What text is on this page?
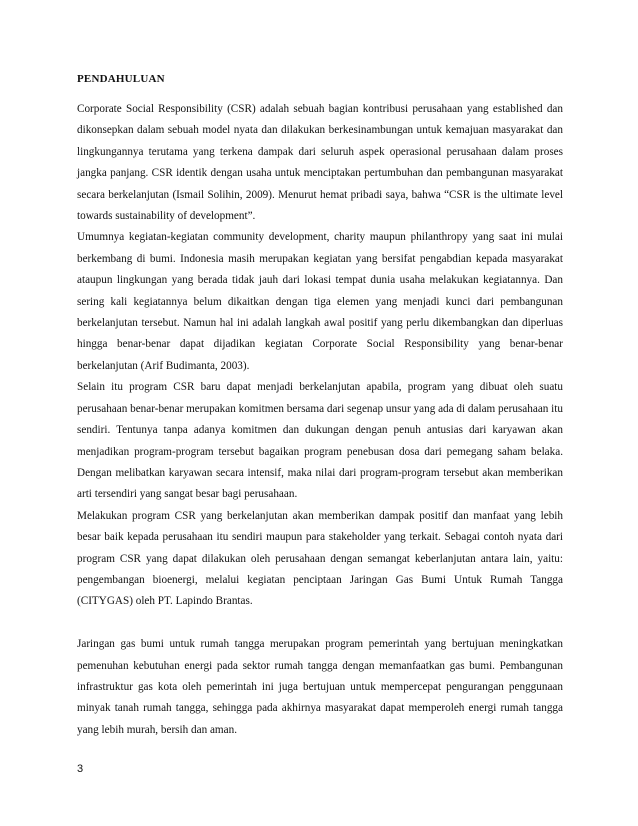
PENDAHULUAN

Corporate Social Responsibility (CSR) adalah sebuah bagian kontribusi perusahaan yang established dan dikonsepkan dalam sebuah model nyata dan dilakukan berkesinambungan untuk kemajuan masyarakat dan lingkungannya terutama yang terkena dampak dari seluruh aspek operasional perusahaan dalam proses jangka panjang. CSR identik dengan usaha untuk menciptakan pertumbuhan dan pembangunan masyarakat secara berkelanjutan (Ismail Solihin, 2009). Menurut hemat pribadi saya, bahwa “CSR is the ultimate level towards sustainability of development”.

Umumnya kegiatan-kegiatan community development, charity maupun philanthropy yang saat ini mulai berkembang di bumi. Indonesia masih merupakan kegiatan yang bersifat pengabdian kepada masyarakat ataupun lingkungan yang berada tidak jauh dari lokasi tempat dunia usaha melakukan kegiatannya. Dan sering kali kegiatannya belum dikaitkan dengan tiga elemen yang menjadi kunci dari pembangunan berkelanjutan tersebut. Namun hal ini adalah langkah awal positif yang perlu dikembangkan dan diperluas hingga benar-benar dapat dijadikan kegiatan Corporate Social Responsibility yang benar-benar berkelanjutan (Arif Budimanta, 2003).

Selain itu program CSR baru dapat menjadi berkelanjutan apabila, program yang dibuat oleh suatu perusahaan benar-benar merupakan komitmen bersama dari segenap unsur yang ada di dalam perusahaan itu sendiri. Tentunya tanpa adanya komitmen dan dukungan dengan penuh antusias dari karyawan akan menjadikan program-program tersebut bagaikan program penebusan dosa dari pemegang saham belaka. Dengan melibatkan karyawan secara intensif, maka nilai dari program-program tersebut akan memberikan arti tersendiri yang sangat besar bagi perusahaan.

Melakukan program CSR yang berkelanjutan akan memberikan dampak positif dan manfaat yang lebih besar baik kepada perusahaan itu sendiri maupun para stakeholder yang terkait. Sebagai contoh nyata dari program CSR yang dapat dilakukan oleh perusahaan dengan semangat keberlanjutan antara lain, yaitu: pengembangan bioenergi, melalui kegiatan penciptaan Jaringan Gas Bumi Untuk Rumah Tangga (CITYGAS) oleh PT. Lapindo Brantas.

Jaringan gas bumi untuk rumah tangga merupakan program pemerintah yang bertujuan meningkatkan pemenuhan kebutuhan energi pada sektor rumah tangga dengan memanfaatkan gas bumi. Pembangunan infrastruktur gas kota oleh pemerintah ini juga bertujuan untuk mempercepat pengurangan penggunaan minyak tanah rumah tangga, sehingga pada akhirnya masyarakat dapat memperoleh energi rumah tangga yang lebih murah, bersih dan aman.

3
